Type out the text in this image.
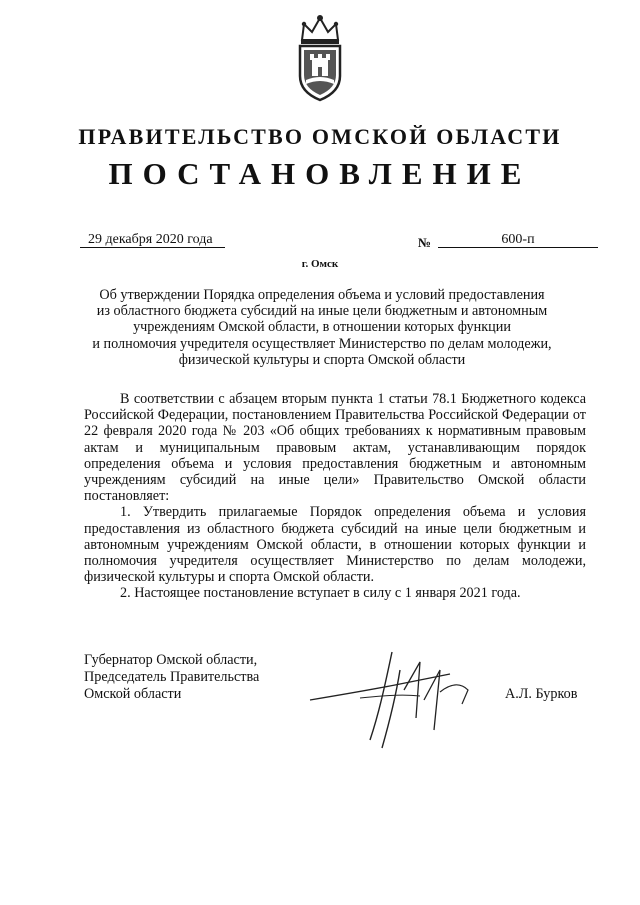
ПРАВИТЕЛЬСТВО ОМСКОЙ ОБЛАСТИ
ПОСТАНОВЛЕНИЕ
29 декабря 2020 года	№	600-п
г. Омск
Об утверждении Порядка определения объема и условий предоставления
из областного бюджета субсидий на иные цели бюджетным и автономным
учреждениям Омской области, в отношении которых функции
и полномочия учредителя осуществляет Министерство по делам молодежи,
физической культуры и спорта Омской области

В соответствии с абзацем вторым пункта 1 статьи 78.1 Бюджетного кодекса Российской Федерации, постановлением Правительства Российской Федерации от 22 февраля 2020 года № 203 «Об общих требованиях к нормативным правовым актам и муниципальным правовым актам, устанавливающим порядок определения объема и условия предоставления бюджетным и автономным учреждениям субсидий на иные цели» Правительство Омской области постановляет:

1. Утвердить прилагаемые Порядок определения объема и условия предоставления из областного бюджета субсидий на иные цели бюджетным и автономным учреждениям Омской области, в отношении которых функции и полномочия учредителя осуществляет Министерство по делам молодежи, физической культуры и спорта Омской области.

2. Настоящее постановление вступает в силу с 1 января 2021 года.

Губернатор Омской области,
Председатель Правительства
Омской области	А.Л. Бурков
